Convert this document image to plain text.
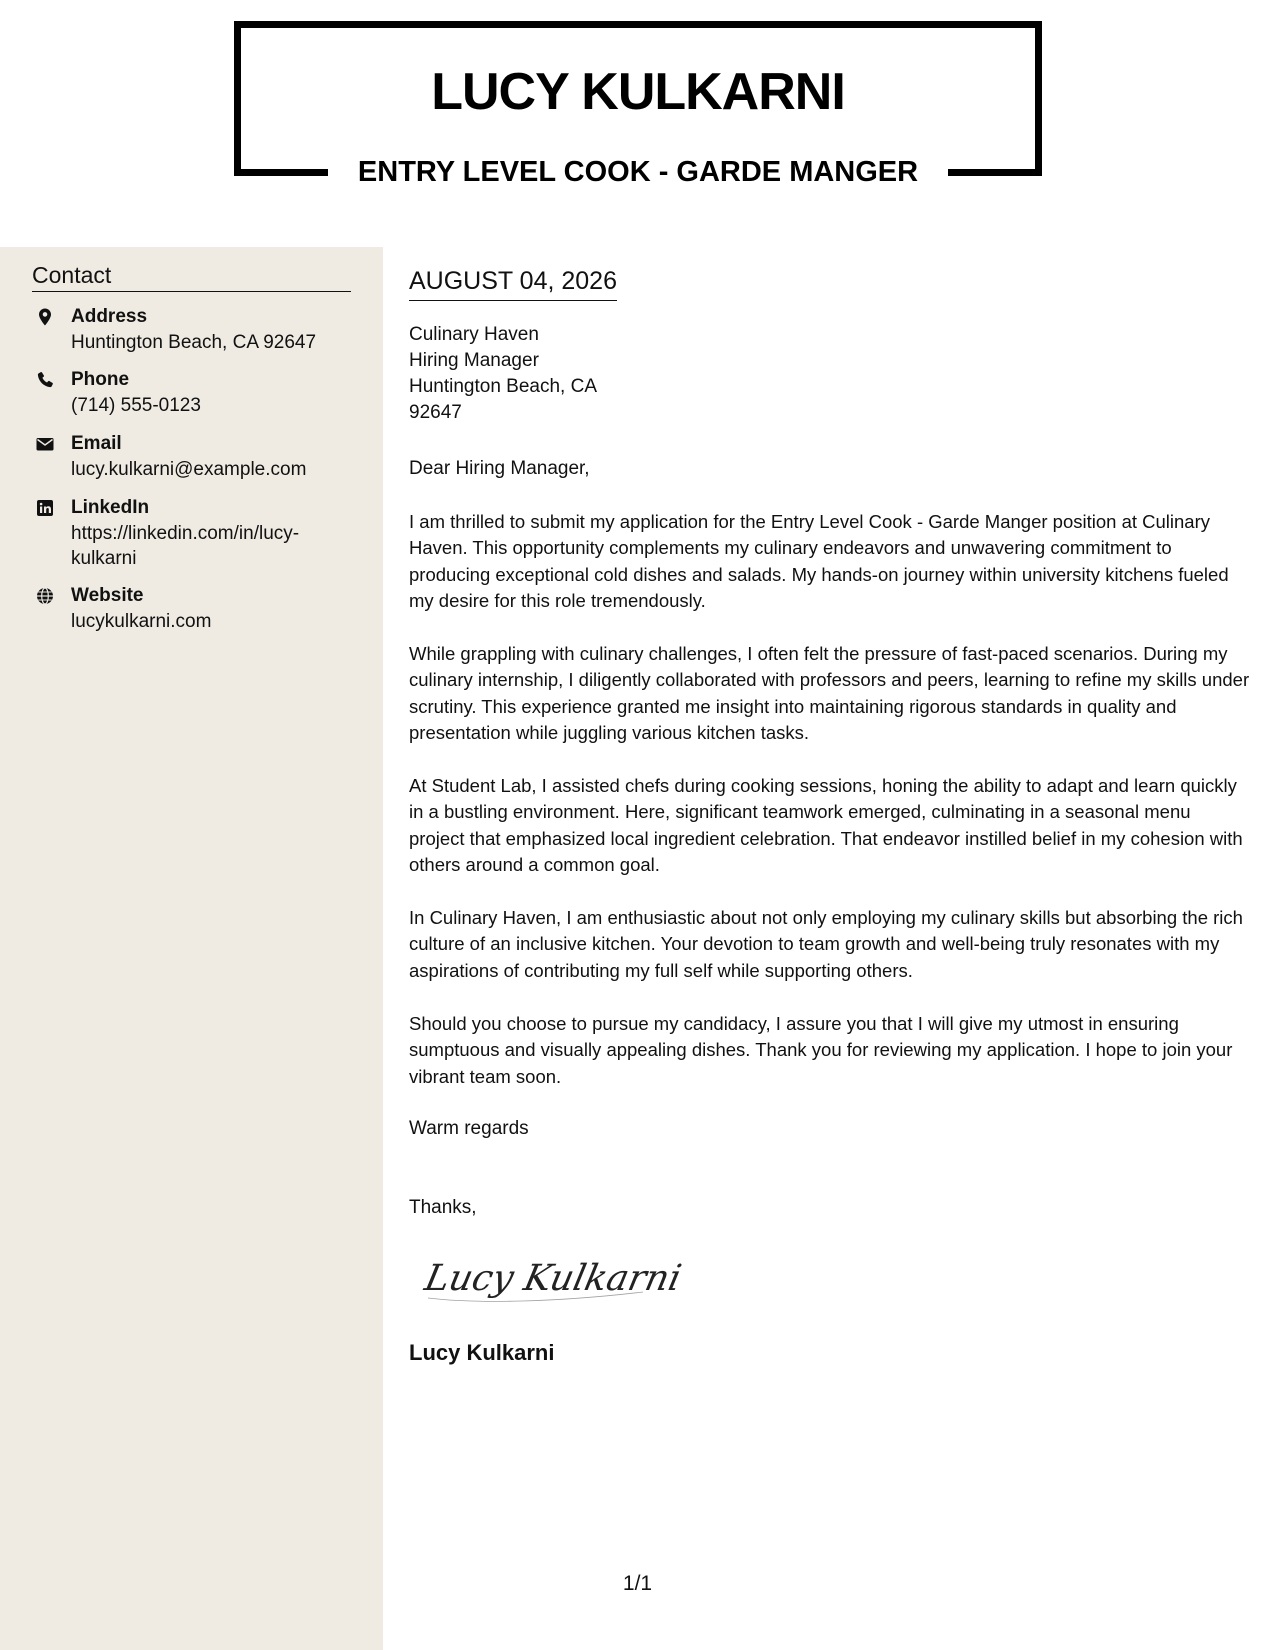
LUCY KULKARNI
ENTRY LEVEL COOK - GARDE MANGER
Contact
Address
Huntington Beach, CA 92647
Phone
(714) 555-0123
Email
lucy.kulkarni@example.com
LinkedIn
https://linkedin.com/in/lucy-kulkarni
Website
lucykulkarni.com
AUGUST 04, 2026
Culinary Haven
Hiring Manager
Huntington Beach, CA
92647
Dear Hiring Manager,

I am thrilled to submit my application for the Entry Level Cook - Garde Manger position at Culinary Haven. This opportunity complements my culinary endeavors and unwavering commitment to producing exceptional cold dishes and salads. My hands-on journey within university kitchens fueled my desire for this role tremendously.

While grappling with culinary challenges, I often felt the pressure of fast-paced scenarios. During my culinary internship, I diligently collaborated with professors and peers, learning to refine my skills under scrutiny. This experience granted me insight into maintaining rigorous standards in quality and presentation while juggling various kitchen tasks.

At Student Lab, I assisted chefs during cooking sessions, honing the ability to adapt and learn quickly in a bustling environment. Here, significant teamwork emerged, culminating in a seasonal menu project that emphasized local ingredient celebration. That endeavor instilled belief in my cohesion with others around a common goal.

In Culinary Haven, I am enthusiastic about not only employing my culinary skills but absorbing the rich culture of an inclusive kitchen. Your devotion to team growth and well-being truly resonates with my aspirations of contributing my full self while supporting others.

Should you choose to pursue my candidacy, I assure you that I will give my utmost in ensuring sumptuous and visually appealing dishes. Thank you for reviewing my application. I hope to join your vibrant team soon.

Warm regards
Thanks,
Lucy Kulkarni
Lucy Kulkarni
1/1
